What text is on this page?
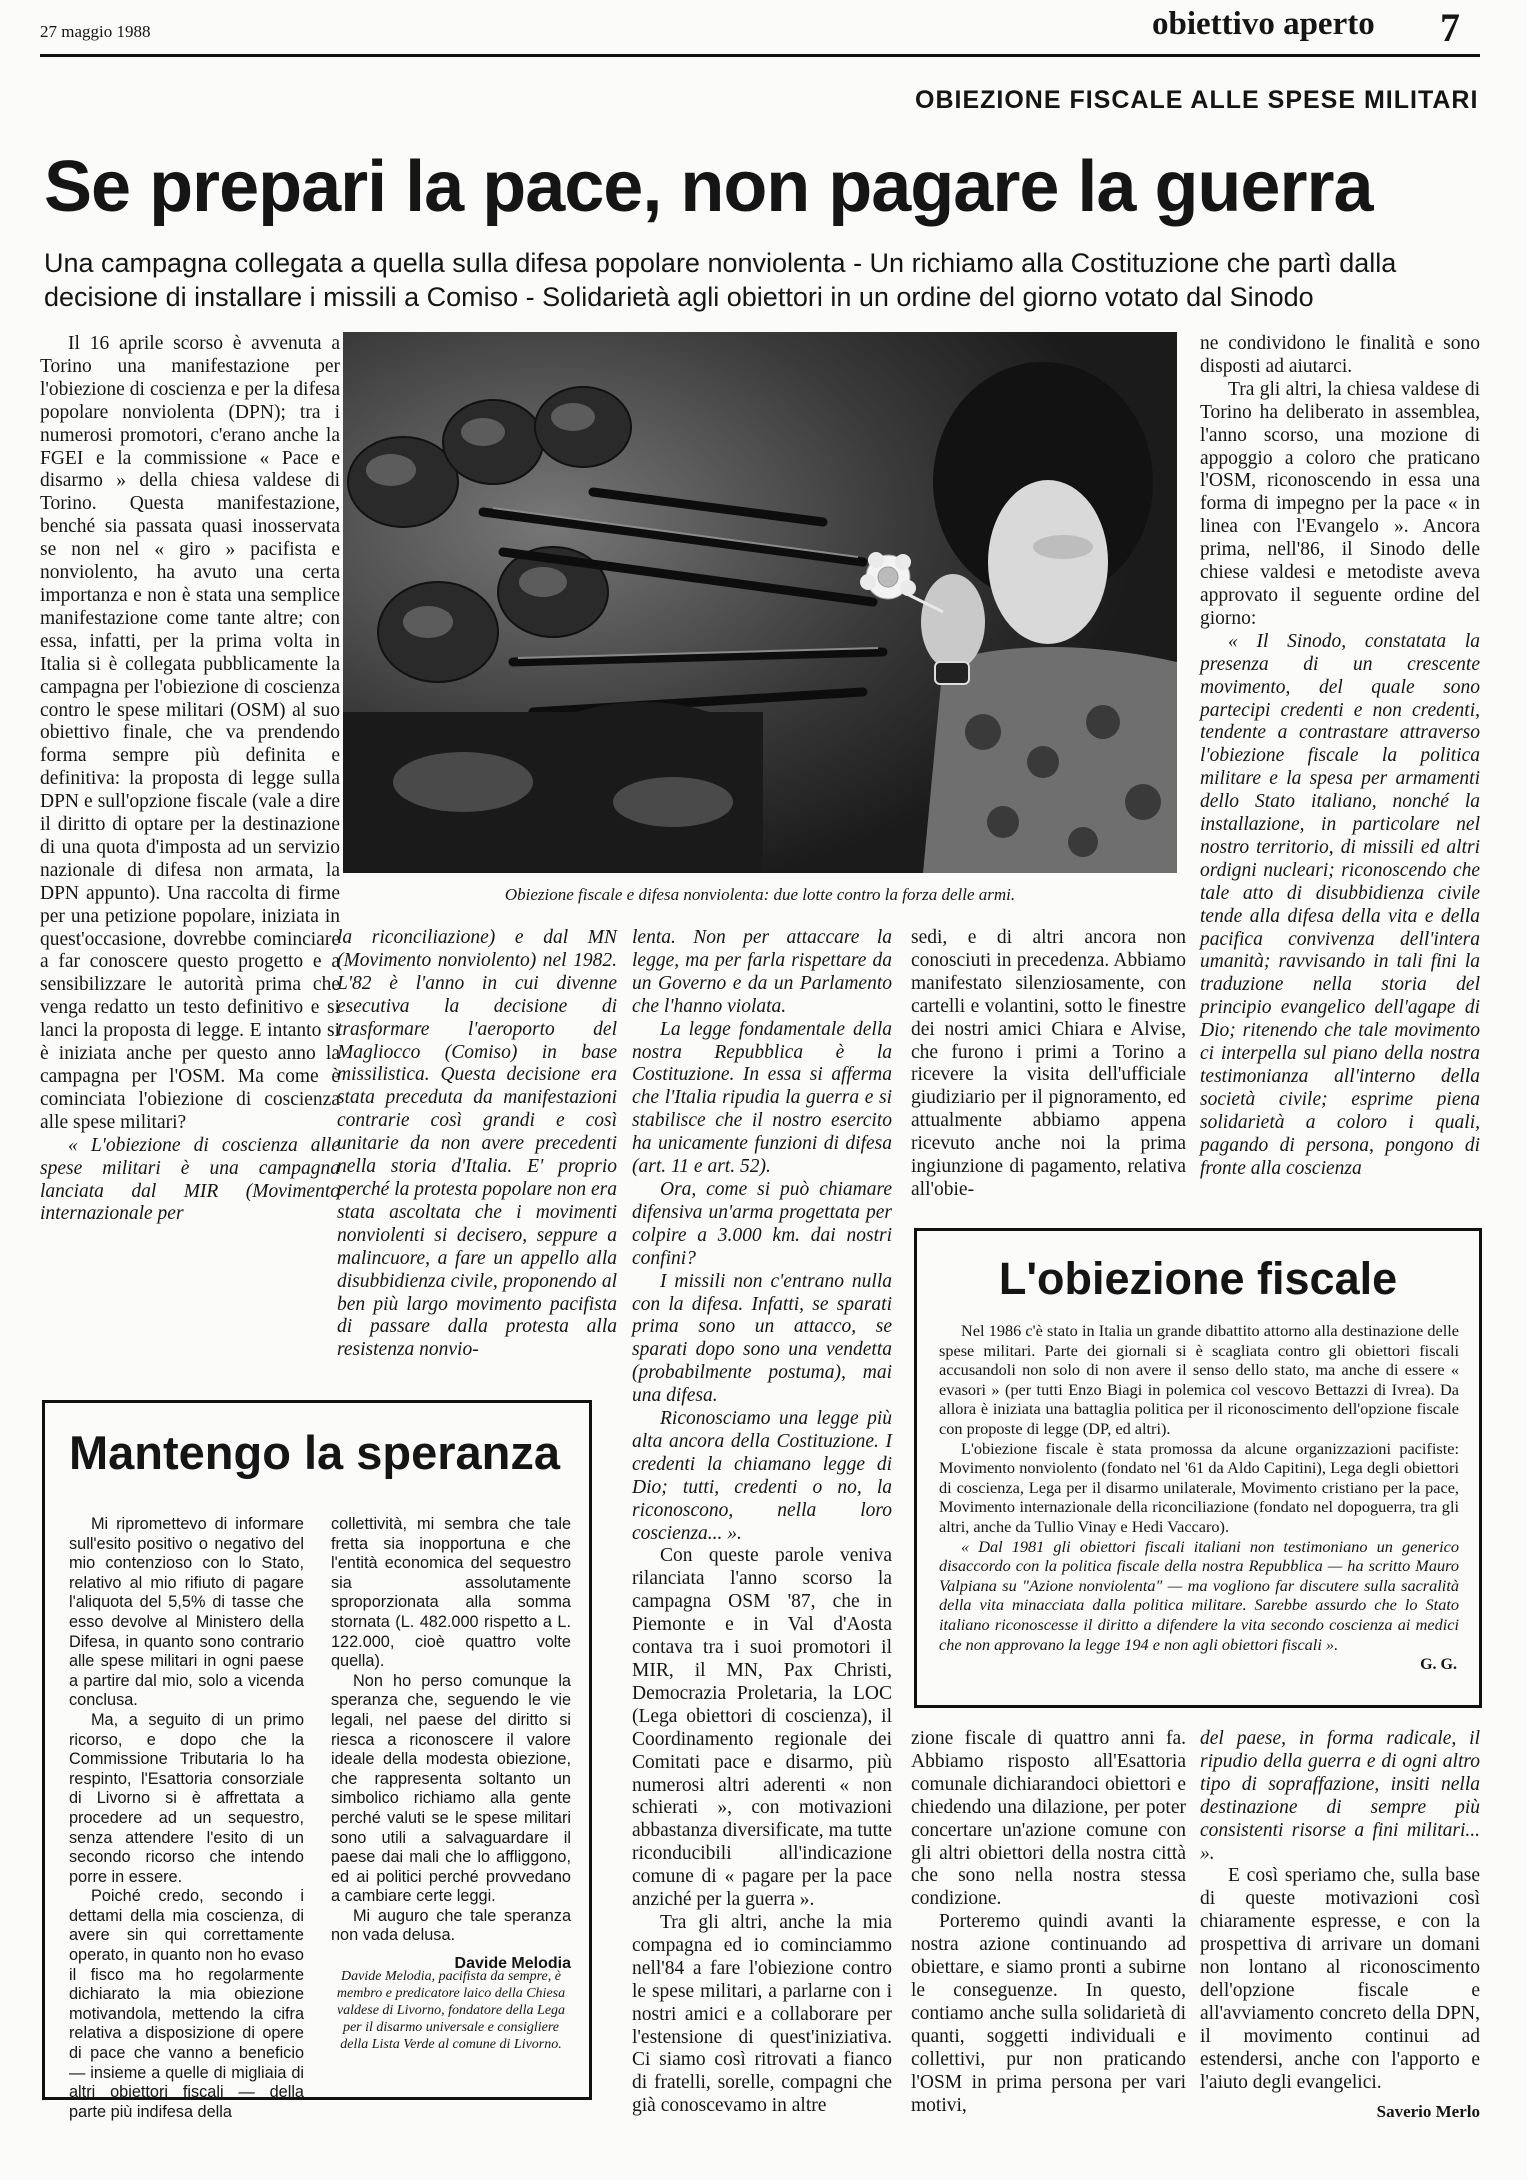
27 maggio 1988	obiettivo aperto 7
OBIEZIONE FISCALE ALLE SPESE MILITARI
Se prepari la pace, non pagare la guerra
Una campagna collegata a quella sulla difesa popolare nonviolenta - Un richiamo alla Costituzione che partì dalla
decisione di installare i missili a Comiso - Solidarietà agli obiettori in un ordine del giorno votato dal Sinodo

Il 16 aprile scorso è avvenuta a Torino una manifestazione per l'obiezione di coscienza e per la difesa popolare nonviolenta (DPN); tra i numerosi promotori, c'erano anche la FGEI e la commissione « Pace e disarmo » della chiesa valdese di Torino. Questa manifestazione, benché sia passata quasi inosservata se non nel « giro » pacifista e nonviolento, ha avuto una certa importanza e non è stata una semplice manifestazione come tante altre; con essa, infatti, per la prima volta in Italia si è collegata pubblicamente la campagna per l'obiezione di coscienza contro le spese militari (OSM) al suo obiettivo finale, che va prendendo forma sempre più definita e definitiva: la proposta di legge sulla DPN e sull'opzione fiscale (vale a dire il diritto di optare per la destinazione di una quota d'imposta ad un servizio nazionale di difesa non armata, la DPN appunto). Una raccolta di firme per una petizione popolare, iniziata in quest'occasione, dovrebbe cominciare a far conoscere questo progetto e a sensibilizzare le autorità prima che venga redatto un testo definitivo e si lanci la proposta di legge. E intanto si è iniziata anche per questo anno la campagna per l'OSM. Ma come è cominciata l'obiezione di coscienza alle spese militari?

« L'obiezione di coscienza alle spese militari è una campagna lanciata dal MIR (Movimento internazionale per

Obiezione fiscale e difesa nonviolenta: due lotte contro la forza delle armi.

la riconciliazione) e dal MN (Movimento nonviolento) nel 1982. L'82 è l'anno in cui divenne esecutiva la decisione di trasformare l'aeroporto del Magliocco (Comiso) in base missilistica. Questa decisione era stata preceduta da manifestazioni contrarie così grandi e così unitarie da non avere precedenti nella storia d'Italia. E' proprio perché la protesta popolare non era stata ascoltata che i movimenti nonviolenti si decisero, seppure a malincuore, a fare un appello alla disubbidienza civile, proponendo al ben più largo movimento pacifista di passare dalla protesta alla resistenza nonvio-

lenta. Non per attaccare la legge, ma per farla rispettare da un Governo e da un Parlamento che l'hanno violata.

La legge fondamentale della nostra Repubblica è la Costituzione. In essa si afferma che l'Italia ripudia la guerra e si stabilisce che il nostro esercito ha unicamente funzioni di difesa (art. 11 e art. 52).

Ora, come si può chiamare difensiva un'arma progettata per colpire a 3.000 km. dai nostri confini?

I missili non c'entrano nulla con la difesa. Infatti, se sparati prima sono un attacco, se sparati dopo sono una vendetta (probabilmente postuma), mai una difesa.

Riconosciamo una legge più alta ancora della Costituzione. I credenti la chiamano legge di Dio; tutti, credenti o no, la riconoscono, nella loro coscienza... ».

Con queste parole veniva rilanciata l'anno scorso la campagna OSM '87, che in Piemonte e in Val d'Aosta contava tra i suoi promotori il MIR, il MN, Pax Christi, Democrazia Proletaria, la LOC (Lega obiettori di coscienza), il Coordinamento regionale dei Comitati pace e disarmo, più numerosi altri aderenti « non schierati », con motivazioni abbastanza diversificate, ma tutte riconducibili all'indicazione comune di « pagare per la pace anziché per la guerra ».

Tra gli altri, anche la mia compagna ed io cominciammo nell'84 a fare l'obiezione contro le spese militari, a parlarne con i nostri amici e a collaborare per l'estensione di quest'iniziativa. Ci siamo così ritrovati a fianco di fratelli, sorelle, compagni che già conoscevamo in altre

sedi, e di altri ancora non conosciuti in precedenza. Abbiamo manifestato silenziosamente, con cartelli e volantini, sotto le finestre dei nostri amici Chiara e Alvise, che furono i primi a Torino a ricevere la visita dell'ufficiale giudiziario per il pignoramento, ed attualmente abbiamo appena ricevuto anche noi la prima ingiunzione di pagamento, relativa all'obie-

ne condividono le finalità e sono disposti ad aiutarci.

Tra gli altri, la chiesa valdese di Torino ha deliberato in assemblea, l'anno scorso, una mozione di appoggio a coloro che praticano l'OSM, riconoscendo in essa una forma di impegno per la pace « in linea con l'Evangelo ». Ancora prima, nell'86, il Sinodo delle chiese valdesi e metodiste aveva approvato il seguente ordine del giorno:

« Il Sinodo, constatata la presenza di un crescente movimento, del quale sono partecipi credenti e non credenti, tendente a contrastare attraverso l'obiezione fiscale la politica militare e la spesa per armamenti dello Stato italiano, nonché la installazione, in particolare nel nostro territorio, di missili ed altri ordigni nucleari; riconoscendo che tale atto di disubbidienza civile tende alla difesa della vita e della pacifica convivenza dell'intera umanità; ravvisando in tali fini la traduzione nella storia del principio evangelico dell'agape di Dio; ritenendo che tale movimento ci interpella sul piano della nostra testimonianza all'interno della società civile; esprime piena solidarietà a coloro i quali, pagando di persona, pongono di fronte alla coscienza

Mantengo la speranza

Mi ripromettevo di informare sull'esito positivo o negativo del mio contenzioso con lo Stato, relativo al mio rifiuto di pagare l'aliquota del 5,5% di tasse che esso devolve al Ministero della Difesa, in quanto sono contrario alle spese militari in ogni paese a partire dal mio, solo a vicenda conclusa.

Ma, a seguito di un primo ricorso, e dopo che la Commissione Tributaria lo ha respinto, l'Esattoria consorziale di Livorno si è affrettata a procedere ad un sequestro, senza attendere l'esito di un secondo ricorso che intendo porre in essere.

Poiché credo, secondo i dettami della mia coscienza, di avere sin qui correttamente operato, in quanto non ho evaso il fisco ma ho regolarmente dichiarato la mia obiezione motivandola, mettendo la cifra relativa a disposizione di opere di pace che vanno a beneficio — insieme a quelle di migliaia di altri obiettori fiscali — della parte più indifesa della

collettività, mi sembra che tale fretta sia inopportuna e che l'entità economica del sequestro sia assolutamente sproporzionata alla somma stornata (L. 482.000 rispetto a L. 122.000, cioè quattro volte quella).

Non ho perso comunque la speranza che, seguendo le vie legali, nel paese del diritto si riesca a riconoscere il valore ideale della modesta obiezione, che rappresenta soltanto un simbolico richiamo alla gente perché valuti se le spese militari sono utili a salvaguardare il paese dai mali che lo affliggono, ed ai politici perché provvedano a cambiare certe leggi.

Mi auguro che tale speranza non vada delusa.

Davide Melodia

Davide Melodia, pacifista da sempre, è membro e predicatore laico della Chiesa valdese di Livorno, fondatore della Lega per il disarmo universale e consigliere della Lista Verde al comune di Livorno.
L'obiezione fiscale

Nel 1986 c'è stato in Italia un grande dibattito attorno alla destinazione delle spese militari. Parte dei giornali si è scagliata contro gli obiettori fiscali accusandoli non solo di non avere il senso dello stato, ma anche di essere « evasori » (per tutti Enzo Biagi in polemica col vescovo Bettazzi di Ivrea). Da allora è iniziata una battaglia politica per il riconoscimento dell'opzione fiscale con proposte di legge (DP, ed altri).

L'obiezione fiscale è stata promossa da alcune organizzazioni pacifiste: Movimento nonviolento (fondato nel '61 da Aldo Capitini), Lega degli obiettori di coscienza, Lega per il disarmo unilaterale, Movimento cristiano per la pace, Movimento internazionale della riconciliazione (fondato nel dopoguerra, tra gli altri, anche da Tullio Vinay e Hedi Vaccaro).

« Dal 1981 gli obiettori fiscali italiani non testimoniano un generico disaccordo con la politica fiscale della nostra Repubblica — ha scritto Mauro Valpiana su "Azione nonviolenta" — ma vogliono far discutere sulla sacralità della vita minacciata dalla politica militare. Sarebbe assurdo che lo Stato italiano riconoscesse il diritto a difendere la vita secondo coscienza ai medici che non approvano la legge 194 e non agli obiettori fiscali ».

G. G.

zione fiscale di quattro anni fa. Abbiamo risposto all'Esattoria comunale dichiarandoci obiettori e chiedendo una dilazione, per poter concertare un'azione comune con gli altri obiettori della nostra città che sono nella nostra stessa condizione.

Porteremo quindi avanti la nostra azione continuando ad obiettare, e siamo pronti a subirne le conseguenze. In questo, contiamo anche sulla solidarietà di quanti, soggetti individuali e collettivi, pur non praticando l'OSM in prima persona per vari motivi,

del paese, in forma radicale, il ripudio della guerra e di ogni altro tipo di sopraffazione, insiti nella destinazione di sempre più consistenti risorse a fini militari... ».

E così speriamo che, sulla base di queste motivazioni così chiaramente espresse, e con la prospettiva di arrivare un domani non lontano al riconoscimento dell'opzione fiscale e all'avviamento concreto della DPN, il movimento continui ad estendersi, anche con l'apporto e l'aiuto degli evangelici.

Saverio Merlo
